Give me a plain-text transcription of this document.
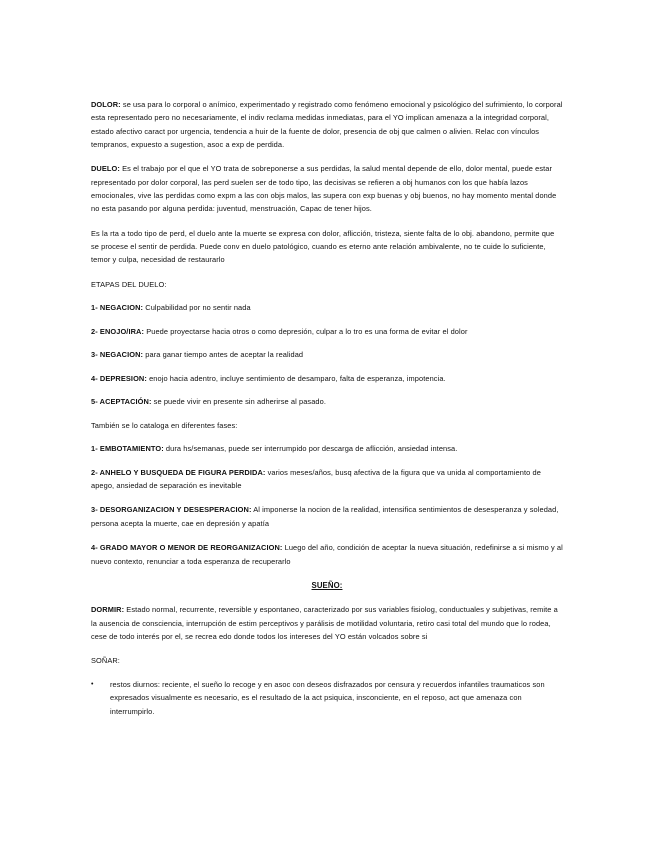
DOLOR: se usa para lo corporal o anímico, experimentado y registrado como fenómeno emocional y psicológico del sufrimiento, lo corporal esta representado pero no necesariamente, el indiv reclama medidas inmediatas, para el YO implican amenaza a la integridad corporal, estado afectivo caract por urgencia, tendencia a huir de la fuente de dolor, presencia de obj que calmen o alivien. Relac con vínculos tempranos, expuesto a sugestion, asoc a exp de perdida.

DUELO: Es el trabajo por el que el YO trata de sobreponerse a sus perdidas, la salud mental depende de ello, dolor mental, puede estar representado por dolor corporal, las perd suelen ser de todo tipo, las decisivas se refieren a obj humanos con los que había lazos emocionales, vive las perdidas como expm a las con objs malos, las supera con exp buenas y obj buenos, no hay momento mental donde no esta pasando por alguna perdida: juventud, menstruación, Capac de tener hijos.

Es la rta a todo tipo de perd, el duelo ante la muerte se expresa con dolor, aflicción, tristeza, siente falta de lo obj. abandono, permite que se procese el sentir de perdida. Puede conv en duelo patológico, cuando es eterno ante relación ambivalente, no te cuide lo suficiente, temor y culpa, necesidad de restaurarlo

ETAPAS DEL DUELO:

1- NEGACION: Culpabilidad por no sentir nada

2- ENOJO/IRA: Puede proyectarse hacia otros o como depresión, culpar a lo tro es una forma de evitar el dolor

3- NEGACION: para ganar tiempo antes de aceptar la realidad

4- DEPRESION: enojo hacia adentro, incluye sentimiento de desamparo, falta de esperanza, impotencia.

5- ACEPTACIÓN: se puede vivir en presente sin adherirse al pasado.

También se lo cataloga en diferentes fases:

1- EMBOTAMIENTO: dura hs/semanas, puede ser interrumpido por descarga de aflicción, ansiedad intensa.

2- ANHELO Y BUSQUEDA DE FIGURA PERDIDA: varios meses/años, busq afectiva de la figura que va unida al comportamiento de apego, ansiedad de separación es inevitable

3- DESORGANIZACION Y DESESPERACION: Al imponerse la nocion de la realidad, intensifica sentimientos de desesperanza y soledad, persona acepta la muerte, cae en depresión y apatía

4- GRADO MAYOR O MENOR DE REORGANIZACION: Luego del año, condición de aceptar la nueva situación, redefinirse a si mismo y al nuevo contexto, renunciar a toda esperanza de recuperarlo

SUEÑO:

DORMIR: Estado normal, recurrente, reversible y espontaneo, caracterizado por sus variables fisiolog, conductuales y subjetivas, remite a la ausencia de consciencia, interrupción de estim perceptivos y parálisis de motilidad voluntaria, retiro casi total del mundo que lo rodea, cese de todo interés por el, se recrea edo donde todos los intereses del YO están volcados sobre si

SOÑAR:

•	restos diurnos: reciente, el sueño lo recoge y en asoc con deseos disfrazados por censura y recuerdos infantiles traumaticos son expresados visualmente es necesario, es el resultado de la act psiquica, insconciente, en el reposo, act que amenaza con interrumpirlo.
